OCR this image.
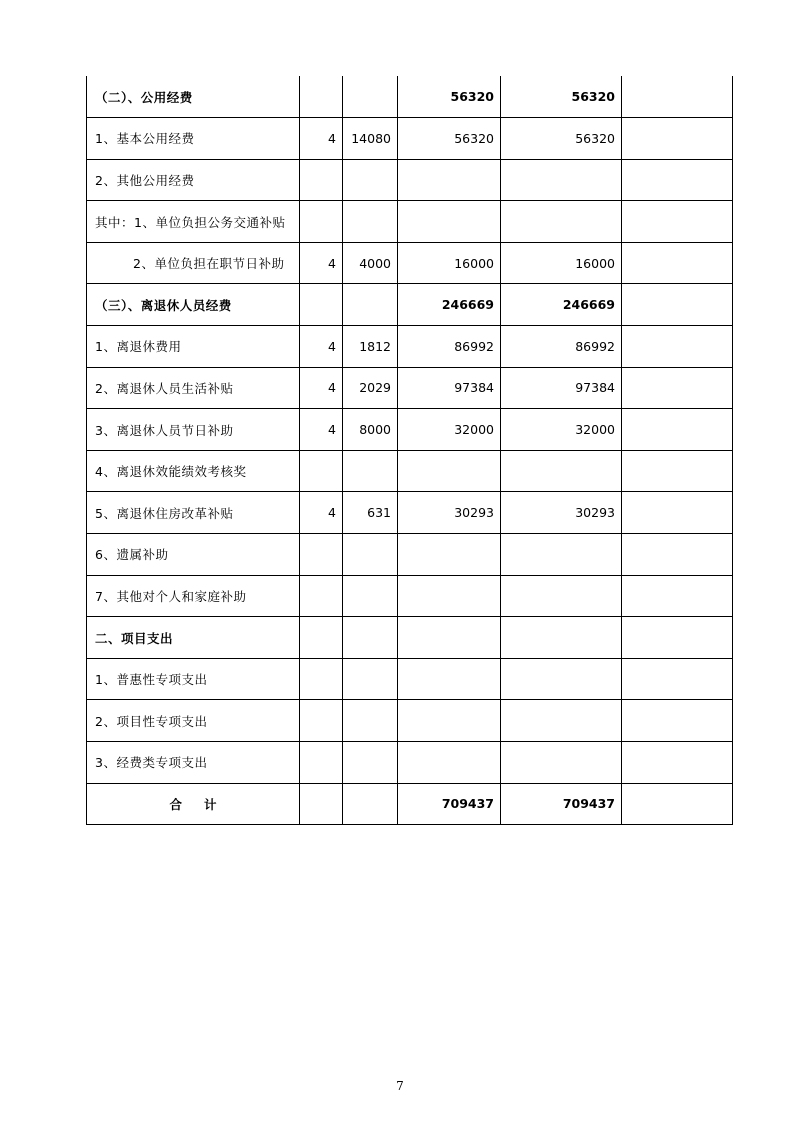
（二）、公用经费			56320	56320	
1、基本公用经费	4	14080	56320	56320	
2、其他公用经费					
其中：1、单位负担公务交通补贴					
2、单位负担在职节日补助	4	4000	16000	16000	
（三）、离退休人员经费			246669	246669	
1、离退休费用	4	1812	86992	86992	
2、离退休人员生活补贴	4	2029	97384	97384	
3、离退休人员节日补助	4	8000	32000	32000	
4、离退休效能绩效考核奖					
5、离退休住房改革补贴	4	631	30293	30293	
6、遗属补助					
7、其他对个人和家庭补助					
二、项目支出					
1、普惠性专项支出					
2、项目性专项支出					
3、经费类专项支出					
合计			709437	709437	
7
